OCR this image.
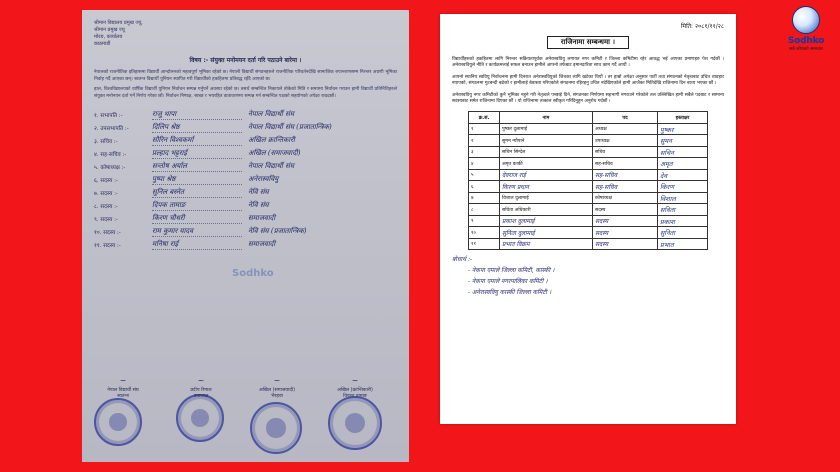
श्रीमान विद्यालय प्रमुख ज्यू,
श्रीमान प्रमुख ज्यू
मोरङ, कार्यालय
काठमाडौं
विषय :- संयुक्त मनोमयन दर्ता गरि पठाउने बारेमा ।

नेपालको राजनीतिक इतिहासमा विद्यार्थी आन्दोलनको महत्वपूर्ण भूमिका रहेको छ। नेपाली विद्यार्थी संगठनहरुले राजनीतिक परिवर्तनदेखि सामाजिक रुपान्तरणसम्म निरन्तर अग्रणी भूमिका निर्वाह गर्दै आएका छन्। स्वतन्त्र विद्यार्थी युनियन स्थापित गरी विद्यार्थीको हकहितमा प्रतिबद्ध रहँदै आएको छ।

हाल, विश्वविद्यालयको वार्षिक विद्यार्थी युनियन निर्वाचन सम्पन्न गर्नुपर्ने अवस्था रहेको छ। तसर्थ सम्बन्धित निकायले तोकेको मिति र समयमा निर्वाचन गराउन हामी विद्यार्थी प्रतिनिधिहरुले संयुक्त मनोनयन दर्ता गर्ने निर्णय गरेका छौं। निर्वाचन निष्पक्ष, स्वच्छ र भयरहित वातावरणमा सम्पन्न गर्न सम्बन्धित पक्षको सहयोगको अपेक्षा राख्दछौं।

१. सभापति :-	राजु थापा	नेपाल विद्यार्थी संघ
२. उपसभापति :-	दिलिप श्रेष्ठ	नेपाल विद्यार्थी संघ (प्रजातान्त्रिक)
३. सचिव :-	सौरिन विश्वकर्मा	अखिल क्रान्तिकारी
४. सह-सचिव :-	प्रल्हाद भट्टराई	अखिल (समाजवादी)
५. कोषाध्यक्ष :-	सन्तोष अर्याल	नेपाल विद्यार्थी संघ
६. सदस्य :-	पुष्पा श्रेष्ठ	अनेरास्ववियु
७. सदस्य :-	सुनिल बस्नेत	नेवि संघ
८. सदस्य :-	दिपक तामाङ	नेवि संघ
९. सदस्य :-	किरण चौधरी	समाजवादी
१०. सदस्य :-	राम कुमार यादव	नेवि संघ (प्रजातान्त्रिक)
११. सदस्य :-	मनिषा राई	समाजवादी
~
नेपाल विद्यार्थी संघ
स्वतन्त्र
~
प्रदीप रिमाल
उपाध्यक्ष
~
अखिल (समाजवादी)
भैरहवा
~
अखिल (क्रान्तिकारी)
विवाश तामाङ
Sodhko
मिति: २०८१/११/२८
राजिनामा सम्बन्धमा ।

विद्यार्थीहरुको हकहितमा लागि निरन्तर सक्रियतापूर्वक अनेरास्ववियु लगायत नगर कमिटी र जिल्ला कमिटीमा रहेर आवद्ध भई आएका प्रमाणहरु पेश गर्दछौं । अनेरास्ववियुले नीति र कार्यक्रमलाई सफल बनाउन हामीले आफ्नो तर्फबाट इमानदारिता साथ काम गर्दै आयौं ।

आफ्नाे स्थानिय स्ववियु निर्वाचनमा हामी दिनरात अनेरास्ववियुको जितका लागि खटेका थियौं । तर हाम्रो अपेक्षा अनुसार पार्टी तथा संगठनको नेतृत्वबाट उचित व्यवहार नपाएको, संगठनमा गुटबन्दी बढेको र हामीलाई बेवास्ता गरिएकोले संगठनमा रहिरहनु उचित नदेखिएकोले हामी आजैका मितिदेखि राजिनामा दिन बाध्य भएका छौं ।

अनेरास्ववियु नगर कमिटीको कुनै भूमिका नहुने गरी नेतृत्वले पन्छाई दिने, संगठनका निर्णयमा सहभागी नगराउने गरेकोले तल उल्लिखित हामी सबैले पदबाट र सामान्य सदस्यबाट समेत राजिनामा दिएका छौं । यो राजिनामा तत्काल स्वीकृत गरिदिनुहुन अनुरोध गर्दछौं ।

क्र.सं.	नाम	पद	हस्ताक्षर
१	पुष्कर दुलामाई	अध्यक्ष	पुष्कर
२	सुमन न्यौपाने	उपाध्यक्ष	सुमन
३	सचिन सिग्देल	सचिव	सचिन
४	अमृत कार्की	सह-सचिव	अमृत
५	देवराज राई	सह-सचिव	देव
६	किरण प्रधान	सह-सचिव	किरण
७	विशाल दुलामाई	कोषाध्यक्ष	विशाल
८	सविता अधिकारी	सदस्य	सविता
९	प्रकाश दुलामाई	सदस्य	प्रकाश
१०	सुनिता दुलामाई	सदस्य	सुनिता
११	प्रभात विक्रम	सदस्य	प्रभात
बोधार्थ :-
- नेकपा एमाले जिल्ला कमिटी, कास्की ।
- नेकपा एमाले नगरपालिका कमिटी ।
- अनेरास्ववियु कास्की जिल्ला कमिटी ।
Sodhko
सबै कोणको समाचार
